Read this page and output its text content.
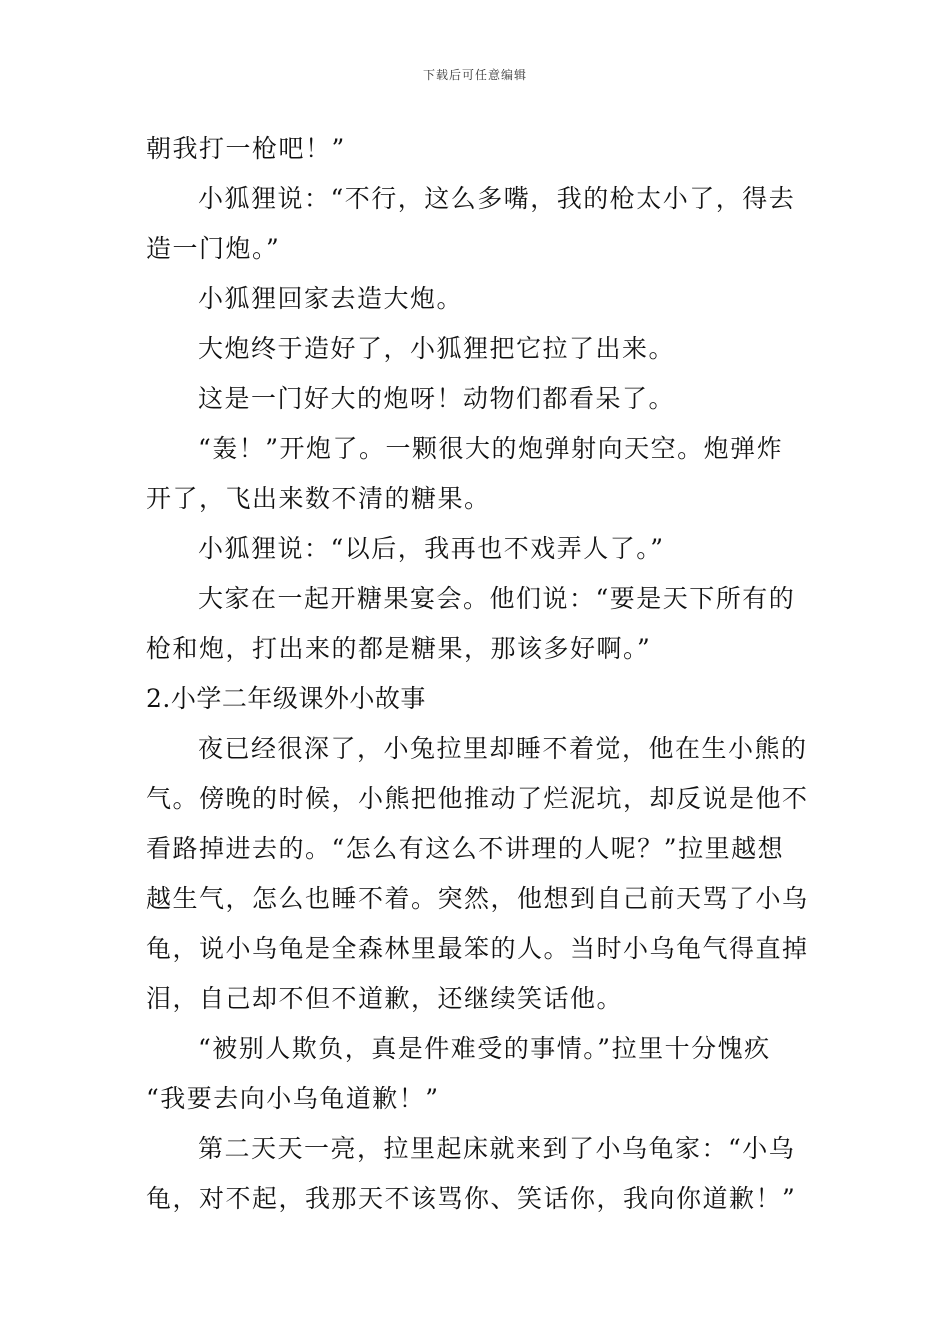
下载后可任意编辑
朝我打一枪吧！”
小狐狸说：“不行，这么多嘴，我的枪太小了，得去
造一门炮。”
小狐狸回家去造大炮。
大炮终于造好了，小狐狸把它拉了出来。
这是一门好大的炮呀！动物们都看呆了。
“轰！”开炮了。一颗很大的炮弹射向天空。炮弹炸
开了，飞出来数不清的糖果。
小狐狸说：“以后，我再也不戏弄人了。”
大家在一起开糖果宴会。他们说：“要是天下所有的
枪和炮，打出来的都是糖果，那该多好啊。”
2.小学二年级课外小故事
夜已经很深了，小兔拉里却睡不着觉，他在生小熊的
气。傍晚的时候，小熊把他推动了烂泥坑，却反说是他不
看路掉进去的。“怎么有这么不讲理的人呢？”拉里越想
越生气，怎么也睡不着。突然，他想到自己前天骂了小乌
龟，说小乌龟是全森林里最笨的人。当时小乌龟气得直掉
泪，自己却不但不道歉，还继续笑话他。
“被别人欺负，真是件难受的事情。”拉里十分愧疚
“我要去向小乌龟道歉！”
第二天天一亮，拉里起床就来到了小乌龟家：“小乌
龟，对不起，我那天不该骂你、笑话你，我向你道歉！”
